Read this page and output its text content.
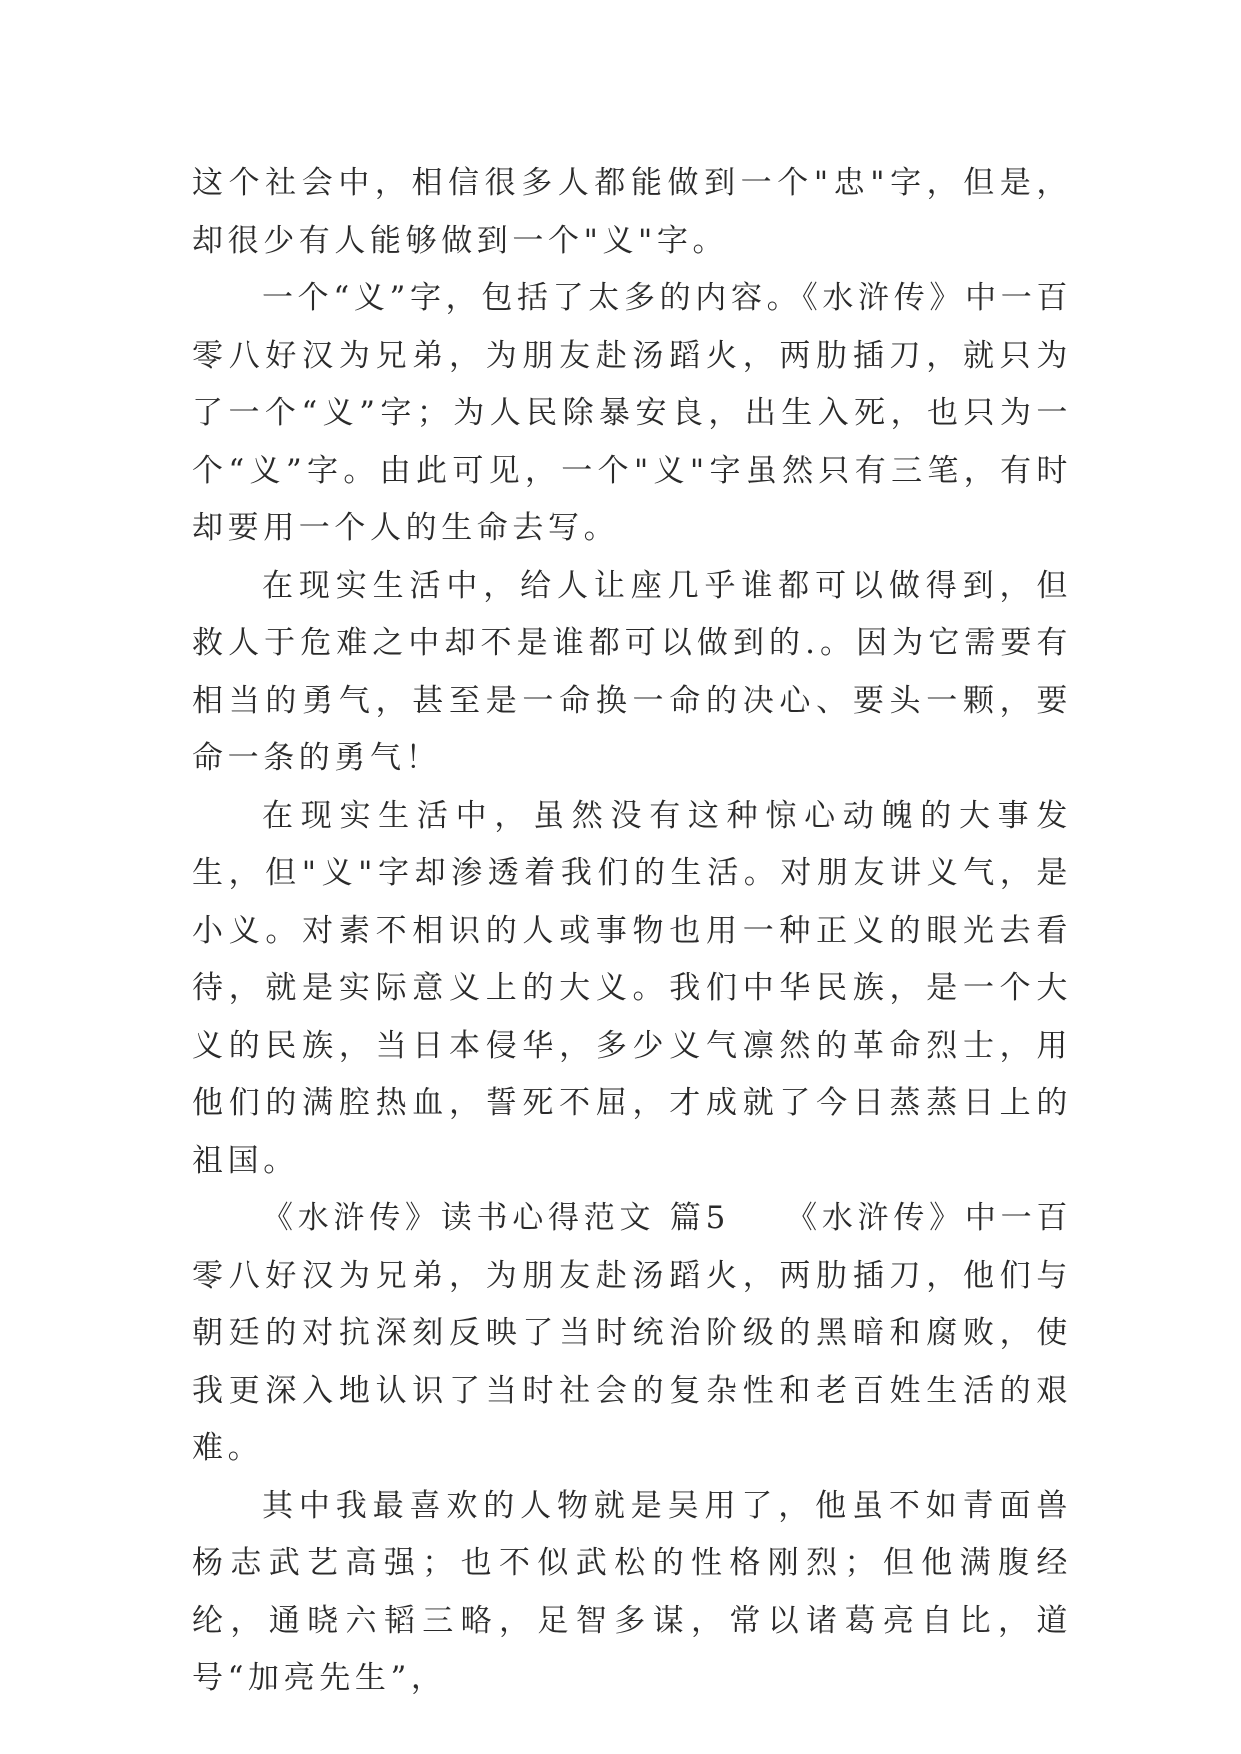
这个社会中，相信很多人都能做到一个"忠"字，但是，却很少有人能够做到一个"义"字。

一个“义”字，包括了太多的内容。《水浒传》中一百零八好汉为兄弟，为朋友赴汤蹈火，两肋插刀，就只为了一个“义”字；为人民除暴安良，出生入死，也只为一个“义”字。由此可见，一个"义"字虽然只有三笔，有时却要用一个人的生命去写。

在现实生活中，给人让座几乎谁都可以做得到，但救人于危难之中却不是谁都可以做到的.。因为它需要有相当的勇气，甚至是一命换一命的决心、要头一颗，要命一条的勇气！

在现实生活中，虽然没有这种惊心动魄的大事发生，但"义"字却渗透着我们的生活。对朋友讲义气，是小义。对素不相识的人或事物也用一种正义的眼光去看待，就是实际意义上的大义。我们中华民族，是一个大义的民族，当日本侵华，多少义气凛然的革命烈士，用他们的满腔热血，誓死不屈，才成就了今日蒸蒸日上的祖国。

《水浒传》读书心得范文 篇5　　 《水浒传》中一百零八好汉为兄弟，为朋友赴汤蹈火，两肋插刀，他们与朝廷的对抗深刻反映了当时统治阶级的黑暗和腐败，使我更深入地认识了当时社会的复杂性和老百姓生活的艰难。

其中我最喜欢的人物就是吴用了，他虽不如青面兽杨志武艺高强；也不似武松的性格刚烈；但他满腹经纶，通晓六韬三略，足智多谋，常以诸葛亮自比，道号“加亮先生”，
